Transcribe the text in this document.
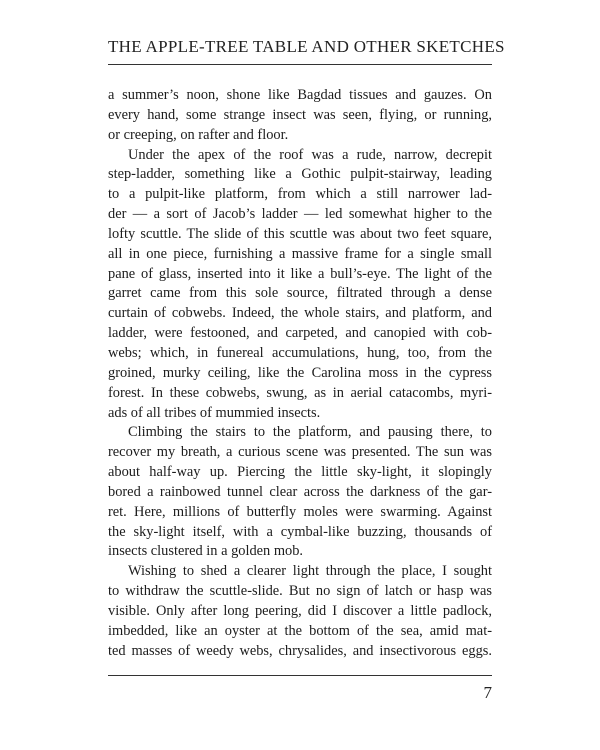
THE APPLE-TREE TABLE AND OTHER SKETCHES
a summer’s noon, shone like Bagdad tissues and gauzes. On
every hand, some strange insect was seen, flying, or running,
or creeping, on rafter and floor.
Under the apex of the roof was a rude, narrow, decrepit
step-ladder, something like a Gothic pulpit-stairway, leading
to a pulpit-like platform, from which a still narrower lad-
der — a sort of Jacob’s ladder — led somewhat higher to the
lofty scuttle. The slide of this scuttle was about two feet square,
all in one piece, furnishing a massive frame for a single small
pane of glass, inserted into it like a bull’s-eye. The light of the
garret came from this sole source, filtrated through a dense
curtain of cobwebs. Indeed, the whole stairs, and platform, and
ladder, were festooned, and carpeted, and canopied with cob-
webs; which, in funereal accumulations, hung, too, from the
groined, murky ceiling, like the Carolina moss in the cypress
forest. In these cobwebs, swung, as in aerial catacombs, myri-
ads of all tribes of mummied insects.
Climbing the stairs to the platform, and pausing there, to
recover my breath, a curious scene was presented. The sun was
about half-way up. Piercing the little sky-light, it slopingly
bored a rainbowed tunnel clear across the darkness of the gar-
ret. Here, millions of butterfly moles were swarming. Against
the sky-light itself, with a cymbal-like buzzing, thousands of
insects clustered in a golden mob.
Wishing to shed a clearer light through the place, I sought
to withdraw the scuttle-slide. But no sign of latch or hasp was
visible. Only after long peering, did I discover a little padlock,
imbedded, like an oyster at the bottom of the sea, amid mat-
ted masses of weedy webs, chrysalides, and insectivorous eggs.
7
